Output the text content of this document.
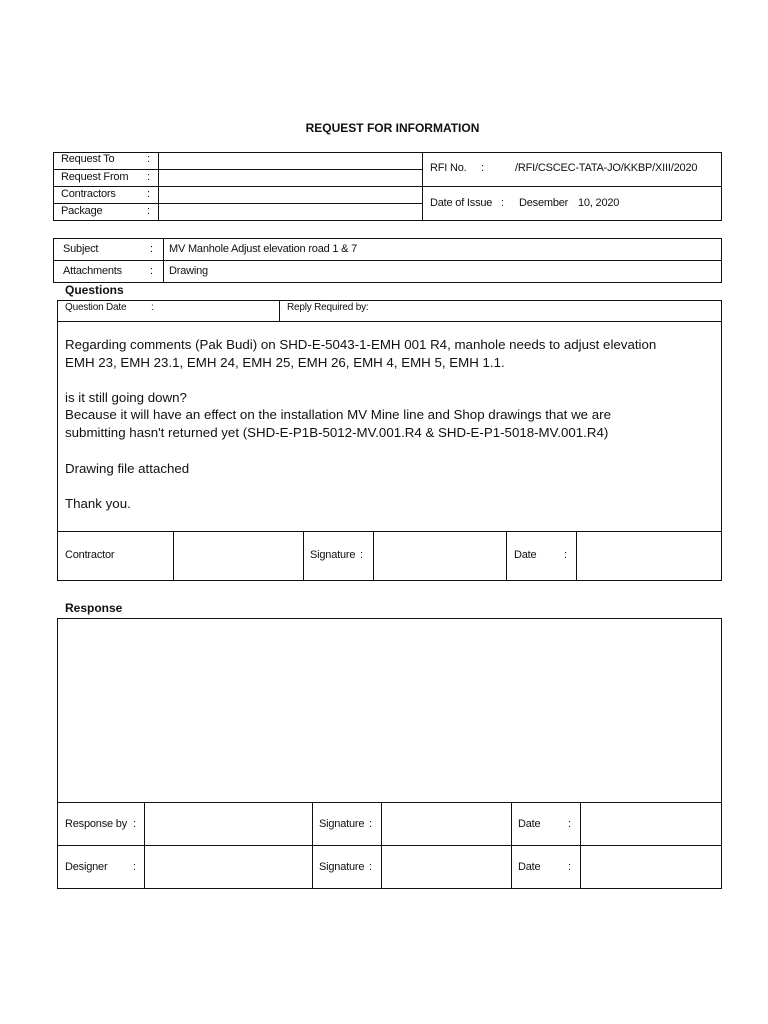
REQUEST FOR INFORMATION
Request To	:
Request From :
Contractors	:
Package	:
RFI No. :	/RFI/CSCEC-TATA-JO/KKBP/XIII/2020
Date of Issue : Desember 10, 2020
Subject	: MV Manhole Adjust elevation road 1 & 7
Attachments	: Drawing
Questions
Question Date :	Reply Required by:
Regarding comments (Pak Budi) on SHD-E-5043-1-EMH 001 R4, manhole needs to adjust elevation
EMH 23, EMH 23.1, EMH 24, EMH 25, EMH 26, EMH 4, EMH 5, EMH 1.1.
is it still going down?
Because it will have an effect on the installation MV Mine line and Shop drawings that we are
submitting hasn't returned yet (SHD-E-P1B-5012-MV.001.R4 & SHD-E-P1-5018-MV.001.R4)
Drawing file attached
Thank you.
Contractor	Signature :	Date	:
Response
Response by :	Signature :	Date	:
Designer :	Signature :	Date	:
